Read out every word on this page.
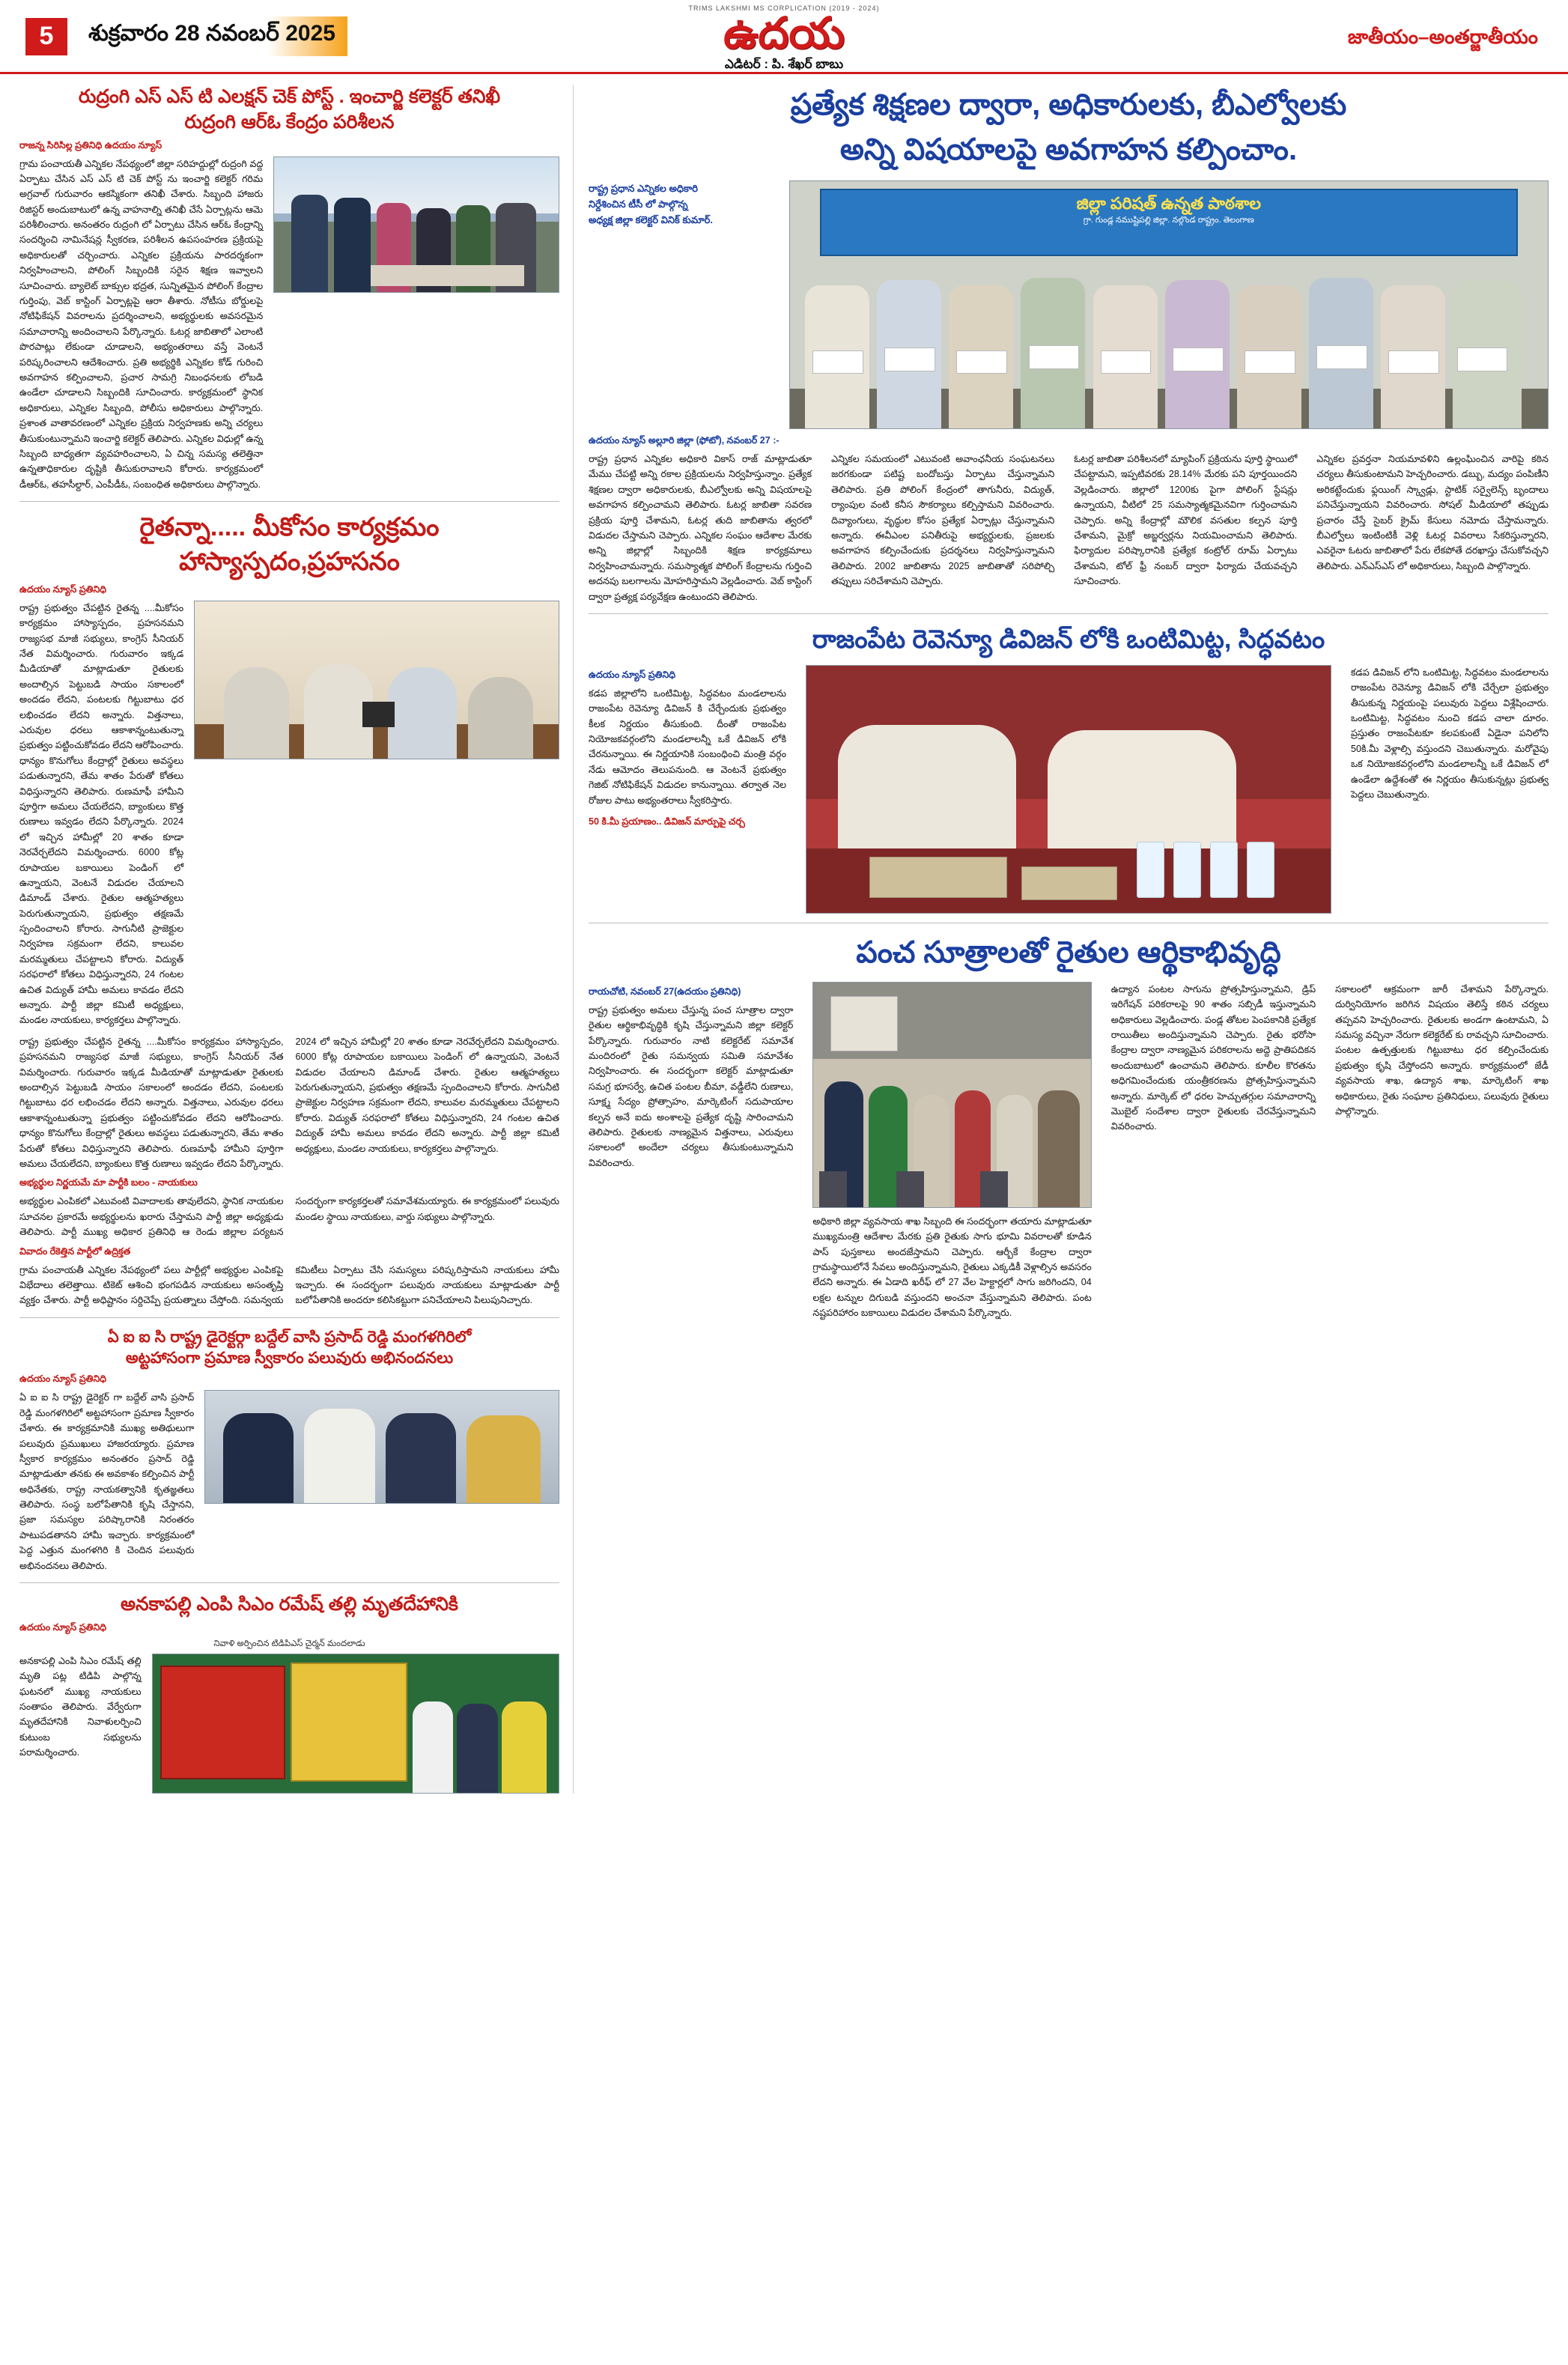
5	శుక్రవారం 28 నవంబర్ 2025
TRIMS LAKSHMI MS CORPLICATION (2019 - 2024)
ఉదయ
ఎడిటర్ : పి. శేఖర్ బాబు
జాతీయం–అంతర్జాతీయం
రుద్రంగి ఎస్ ఎస్ టి ఎలక్షన్ చెక్ పోస్ట్ . ఇంచార్జి కలెక్టర్ తనిఖీ
రుద్రంగి ఆర్ఓ కేంద్రం పరిశీలన
రాజన్న సిరిసిల్ల ప్రతినిధి ఉదయం న్యూస్
గ్రామ పంచాయతీ ఎన్నికల నేపథ్యంలో జిల్లా సరిహద్దుల్లో రుద్రంగి వద్ద ఏర్పాటు చేసిన ఎస్ ఎస్ టి చెక్ పోస్ట్ ను ఇంచార్జి కలెక్టర్ గరిమ అగ్రవాల్ గురువారం ఆకస్మికంగా తనిఖీ చేశారు. సిబ్బంది హాజరు రిజిస్టర్ అందుబాటులో ఉన్న వాహనాల్ని తనిఖీ చేసే ఏర్పాట్లను ఆమె పరిశీలించారు. అనంతరం రుద్రంగి లో ఏర్పాటు చేసిన ఆర్ఓ కేంద్రాన్ని సందర్శించి నామినేషన్ల స్వీకరణ, పరిశీలన ఉపసంహరణ ప్రక్రియపై అధికారులతో చర్చించారు. ఎన్నికల ప్రక్రియను పారదర్శకంగా నిర్వహించాలని, పోలింగ్ సిబ్బందికి సరైన శిక్షణ ఇవ్వాలని సూచించారు. బ్యాలెట్ బాక్సుల భద్రత, సున్నితమైన పోలింగ్ కేంద్రాల గుర్తింపు, వెబ్ కాస్టింగ్ ఏర్పాట్లపై ఆరా తీశారు. నోటీసు బోర్డులపై నోటిఫికేషన్ వివరాలను ప్రదర్శించాలని, అభ్యర్థులకు అవసరమైన సమాచారాన్ని అందించాలని పేర్కొన్నారు. ఓటర్ల జాబితాలో ఎలాంటి పొరపాట్లు లేకుండా చూడాలని, అభ్యంతరాలు వస్తే వెంటనే పరిష్కరించాలని ఆదేశించారు. ప్రతి అభ్యర్థికి ఎన్నికల కోడ్ గురించి అవగాహన కల్పించాలని, ప్రచార సామగ్రి నిబంధనలకు లోబడి ఉండేలా చూడాలని సిబ్బందికి సూచించారు. కార్యక్రమంలో స్థానిక అధికారులు, ఎన్నికల సిబ్బంది, పోలీసు అధికారులు పాల్గొన్నారు. ప్రశాంత వాతావరణంలో ఎన్నికల ప్రక్రియ నిర్వహణకు అన్ని చర్యలు తీసుకుంటున్నామని ఇంచార్జి కలెక్టర్ తెలిపారు. ఎన్నికల విధుల్లో ఉన్న సిబ్బంది బాధ్యతగా వ్యవహరించాలని, ఏ చిన్న సమస్య తలెత్తినా ఉన్నతాధికారుల దృష్టికి తీసుకురావాలని కోరారు. కార్యక్రమంలో డీఆర్ఓ, తహసీల్దార్, ఎంపీడీఓ, సంబంధిత అధికారులు పాల్గొన్నారు.
రైతన్నా..... మీకోసం కార్యక్రమం
హాస్యాస్పదం,ప్రహసనం
ఉదయం న్యూస్ ప్రతినిధి
రాష్ట్ర ప్రభుత్వం చేపట్టిన రైతన్న ....మీకోసం కార్యక్రమం హాస్యాస్పదం, ప్రహసనమని రాజ్యసభ మాజీ సభ్యులు, కాంగ్రెస్ సీనియర్ నేత విమర్శించారు. గురువారం ఇక్కడ మీడియాతో మాట్లాడుతూ రైతులకు అందాల్సిన పెట్టుబడి సాయం సకాలంలో అందడం లేదని, పంటలకు గిట్టుబాటు ధర లభించడం లేదని అన్నారు. విత్తనాలు, ఎరువుల ధరలు ఆకాశాన్నంటుతున్నా ప్రభుత్వం పట్టించుకోవడం లేదని ఆరోపించారు. ధాన్యం కొనుగోలు కేంద్రాల్లో రైతులు అవస్థలు పడుతున్నారని, తేమ శాతం పేరుతో కోతలు విధిస్తున్నారని తెలిపారు. రుణమాఫీ హామీని పూర్తిగా అమలు చేయలేదని, బ్యాంకులు కొత్త రుణాలు ఇవ్వడం లేదని పేర్కొన్నారు. 2024 లో ఇచ్చిన హామీల్లో 20 శాతం కూడా నెరవేర్చలేదని విమర్శించారు. 6000 కోట్ల రూపాయల బకాయిలు పెండింగ్ లో ఉన్నాయని, వెంటనే విడుదల చేయాలని డిమాండ్ చేశారు. రైతుల ఆత్మహత్యలు పెరుగుతున్నాయని, ప్రభుత్వం తక్షణమే స్పందించాలని కోరారు. సాగునీటి ప్రాజెక్టుల నిర్వహణ సక్రమంగా లేదని, కాలువల మరమ్మతులు చేపట్టాలని కోరారు. విద్యుత్ సరఫరాలో కోతలు విధిస్తున్నారని, 24 గంటల ఉచిత విద్యుత్ హామీ అమలు కావడం లేదని అన్నారు. పార్టీ జిల్లా కమిటీ అధ్యక్షులు, మండల నాయకులు, కార్యకర్తలు పాల్గొన్నారు.
రాష్ట్ర ప్రభుత్వం చేపట్టిన రైతన్న ....మీకోసం కార్యక్రమం హాస్యాస్పదం, ప్రహసనమని రాజ్యసభ మాజీ సభ్యులు, కాంగ్రెస్ సీనియర్ నేత విమర్శించారు. గురువారం ఇక్కడ మీడియాతో మాట్లాడుతూ రైతులకు అందాల్సిన పెట్టుబడి సాయం సకాలంలో అందడం లేదని, పంటలకు గిట్టుబాటు ధర లభించడం లేదని అన్నారు. విత్తనాలు, ఎరువుల ధరలు ఆకాశాన్నంటుతున్నా ప్రభుత్వం పట్టించుకోవడం లేదని ఆరోపించారు. ధాన్యం కొనుగోలు కేంద్రాల్లో రైతులు అవస్థలు పడుతున్నారని, తేమ శాతం పేరుతో కోతలు విధిస్తున్నారని తెలిపారు. రుణమాఫీ హామీని పూర్తిగా అమలు చేయలేదని, బ్యాంకులు కొత్త రుణాలు ఇవ్వడం లేదని పేర్కొన్నారు. 2024 లో ఇచ్చిన హామీల్లో 20 శాతం కూడా నెరవేర్చలేదని విమర్శించారు. 6000 కోట్ల రూపాయల బకాయిలు పెండింగ్ లో ఉన్నాయని, వెంటనే విడుదల చేయాలని డిమాండ్ చేశారు. రైతుల ఆత్మహత్యలు పెరుగుతున్నాయని, ప్రభుత్వం తక్షణమే స్పందించాలని కోరారు. సాగునీటి ప్రాజెక్టుల నిర్వహణ సక్రమంగా లేదని, కాలువల మరమ్మతులు చేపట్టాలని కోరారు. విద్యుత్ సరఫరాలో కోతలు విధిస్తున్నారని, 24 గంటల ఉచిత విద్యుత్ హామీ అమలు కావడం లేదని అన్నారు. పార్టీ జిల్లా కమిటీ అధ్యక్షులు, మండల నాయకులు, కార్యకర్తలు పాల్గొన్నారు.
అభ్యర్థుల నిర్ణయమే మా పార్టీకి బలం - నాయకులు
అభ్యర్థుల ఎంపికలో ఎటువంటి వివాదాలకు తావులేదని, స్థానిక నాయకుల సూచనల ప్రకారమే అభ్యర్థులను ఖరారు చేస్తామని పార్టీ జిల్లా అధ్యక్షుడు తెలిపారు. పార్టీ ముఖ్య అధికార ప్రతినిధి ఆ రెండు జిల్లాల పర్యటన సందర్భంగా కార్యకర్తలతో సమావేశమయ్యారు. ఈ కార్యక్రమంలో పలువురు మండల స్థాయి నాయకులు, వార్డు సభ్యులు పాల్గొన్నారు.
వివాదం రేకెత్తిన పార్టీలో ఉద్రిక్తత
గ్రామ పంచాయతీ ఎన్నికల నేపథ్యంలో పలు పార్టీల్లో అభ్యర్థుల ఎంపికపై విభేదాలు తలెత్తాయి. టికెట్ ఆశించి భంగపడిన నాయకులు అసంతృప్తి వ్యక్తం చేశారు. పార్టీ అధిష్టానం సర్దిచెప్పే ప్రయత్నాలు చేస్తోంది. సమన్వయ కమిటీలు ఏర్పాటు చేసి సమస్యలు పరిష్కరిస్తామని నాయకులు హామీ ఇచ్చారు. ఈ సందర్భంగా పలువురు నాయకులు మాట్లాడుతూ పార్టీ బలోపేతానికి అందరూ కలిసికట్టుగా పనిచేయాలని పిలుపునిచ్చారు.
ఏ ఐ ఐ సి రాష్ట్ర డైరెక్టర్గా బద్దేల్ వాసి ప్రసాద్ రెడ్డి మంగళగిరిలో
అట్టహాసంగా ప్రమాణ స్వీకారం పలువురు అభినందనలు
ఉదయం న్యూస్ ప్రతినిధి
ఏ ఐ ఐ సి రాష్ట్ర డైరెక్టర్ గా బద్దేల్ వాసి ప్రసాద్ రెడ్డి మంగళగిరిలో అట్టహాసంగా ప్రమాణ స్వీకారం చేశారు. ఈ కార్యక్రమానికి ముఖ్య అతిథులుగా పలువురు ప్రముఖులు హాజరయ్యారు. ప్రమాణ స్వీకార కార్యక్రమం అనంతరం ప్రసాద్ రెడ్డి మాట్లాడుతూ తనకు ఈ అవకాశం కల్పించిన పార్టీ అధినేతకు, రాష్ట్ర నాయకత్వానికి కృతజ్ఞతలు తెలిపారు. సంస్థ బలోపేతానికి కృషి చేస్తానని, ప్రజా సమస్యల పరిష్కారానికి నిరంతరం పాటుపడతానని హామీ ఇచ్చారు. కార్యక్రమంలో పెద్ద ఎత్తున మంగళగిరి కి చెందిన పలువురు అభినందనలు తెలిపారు.
అనకాపల్లి ఎంపి సిఎం రమేష్ తల్లి మృతదేహానికి
ఉదయం న్యూస్ ప్రతినిధి
నివాళి అర్పించిన టిడిపిఎస్ చైర్మన్ మందలాడు
అనకాపల్లి ఎంపి సిఎం రమేష్ తల్లి మృతి పట్ల టిడిపి పాల్గొన్న ఘటనలో ముఖ్య నాయకులు సంతాపం తెలిపారు. వేర్వేరుగా మృతదేహానికి నివాళులర్పించి కుటుంబ సభ్యులను పరామర్శించారు.
ప్రత్యేక శిక్షణల ద్వారా, అధికారులకు, బీఎల్వోలకు
అన్ని విషయాలపై అవగాహన కల్పించాం.
రాష్ట్ర ప్రధాన ఎన్నికల అధికారి
నిర్దేశించిన టీసీ లో పాల్గొన్న
అధ్యక్ష జిల్లా కలెక్టర్ వినిక్ కుమార్.
జిల్లా పరిషత్ ఉన్నత పాఠశాల
గ్రా. గుండ్ల నముష్టిపల్లి జిల్లా. నల్గొండ రాష్ట్రం. తెలంగాణ
ఉదయం న్యూస్ అల్లూరి జిల్లా (ఫోటో), నవంబర్ 27 :-
రాష్ట్ర ప్రధాన ఎన్నికల అధికారి వికాస్ రాజ్ మాట్లాడుతూ మేము చేపట్టి అన్ని రకాల ప్రక్రియలను నిర్వహిస్తున్నాం. ప్రత్యేక శిక్షణల ద్వారా అధికారులకు, బీఎల్వోలకు అన్ని విషయాలపై అవగాహన కల్పించామని తెలిపారు. ఓటర్ల జాబితా సవరణ ప్రక్రియ పూర్తి చేశామని, ఓటర్ల తుది జాబితాను త్వరలో విడుదల చేస్తామని చెప్పారు. ఎన్నికల సంఘం ఆదేశాల మేరకు అన్ని జిల్లాల్లో సిబ్బందికి శిక్షణ కార్యక్రమాలు నిర్వహించామన్నారు. సమస్యాత్మక పోలింగ్ కేంద్రాలను గుర్తించి అదనపు బలగాలను మోహరిస్తామని వెల్లడించారు. వెబ్ కాస్టింగ్ ద్వారా ప్రత్యక్ష పర్యవేక్షణ ఉంటుందని తెలిపారు.
ఎన్నికల సమయంలో ఎటువంటి అవాంఛనీయ సంఘటనలు జరగకుండా పటిష్ట బందోబస్తు ఏర్పాటు చేస్తున్నామని తెలిపారు. ప్రతి పోలింగ్ కేంద్రంలో తాగునీరు, విద్యుత్, ర్యాంపుల వంటి కనీస సౌకర్యాలు కల్పిస్తామని వివరించారు. దివ్యాంగులు, వృద్ధుల కోసం ప్రత్యేక ఏర్పాట్లు చేస్తున్నామని అన్నారు. ఈవీఎంల పనితీరుపై అభ్యర్థులకు, ప్రజలకు అవగాహన కల్పించేందుకు ప్రదర్శనలు నిర్వహిస్తున్నామని తెలిపారు. 2002 జాబితాను 2025 జాబితాతో సరిపోల్చి తప్పులు సరిచేశామని చెప్పారు.
ఓటర్ల జాబితా పరిశీలనలో మ్యాపింగ్ ప్రక్రియను పూర్తి స్థాయిలో చేపట్టామని, ఇప్పటివరకు 28.14% మేరకు పని పూర్తయిందని వెల్లడించారు. జిల్లాలో 1200కు పైగా పోలింగ్ స్టేషన్లు ఉన్నాయని, వీటిలో 25 సమస్యాత్మకమైనవిగా గుర్తించామని చెప్పారు. అన్ని కేంద్రాల్లో మౌలిక వసతుల కల్పన పూర్తి చేశామని, మైక్రో అబ్జర్వర్లను నియమించామని తెలిపారు. ఫిర్యాదుల పరిష్కారానికి ప్రత్యేక కంట్రోల్ రూమ్ ఏర్పాటు చేశామని, టోల్ ఫ్రీ నంబర్ ద్వారా ఫిర్యాదు చేయవచ్చని సూచించారు.
ఎన్నికల ప్రవర్తనా నియమావళిని ఉల్లంఘించిన వారిపై కఠిన చర్యలు తీసుకుంటామని హెచ్చరించారు. డబ్బు, మద్యం పంపిణీని అరికట్టేందుకు ఫ్లయింగ్ స్క్వాడ్లు, స్టాటిక్ సర్వైలెన్స్ బృందాలు పనిచేస్తున్నాయని వివరించారు. సోషల్ మీడియాలో తప్పుడు ప్రచారం చేస్తే సైబర్ క్రైమ్ కేసులు నమోదు చేస్తామన్నారు. బీఎల్వోలు ఇంటింటికీ వెళ్లి ఓటర్ల వివరాలు సేకరిస్తున్నారని, ఎవరైనా ఓటరు జాబితాలో పేరు లేకపోతే దరఖాస్తు చేసుకోవచ్చని తెలిపారు. ఎన్ఎస్ఎస్ లో అధికారులు, సిబ్బంది పాల్గొన్నారు.
రాజంపేట రెవెన్యూ డివిజన్ లోకి ఒంటిమిట్ట, సిద్ధవటం
ఉదయం న్యూస్ ప్రతినిధి
కడప జిల్లాలోని ఒంటిమిట్ట, సిద్ధవటం మండలాలను రాజంపేట రెవెన్యూ డివిజన్ కి చేర్చేందుకు ప్రభుత్వం కీలక నిర్ణయం తీసుకుంది. దీంతో రాజంపేట నియోజకవర్గంలోని మండలాలన్నీ ఒకే డివిజన్ లోకి చేరనున్నాయి. ఈ నిర్ణయానికి సంబంధించి మంత్రి వర్గం నేడు ఆమోదం తెలుపనుంది. ఆ వెంటనే ప్రభుత్వం గెజిట్ నోటిఫికేషన్ విడుదల కానున్నాయి. తర్వాత నెల రోజుల పాటు అభ్యంతరాలు స్వీకరిస్తారు.
50 కి.మీ ప్రయాణం.. డివిజన్ మార్పుపై చర్చ
కడప డివిజన్ లోని ఒంటిమిట్ట, సిద్ధవటం మండలాలను రాజంపేట రెవెన్యూ డివిజన్ లోకి చేర్చేలా ప్రభుత్వం తీసుకున్న నిర్ణయంపై పలువురు పెద్దలు విశ్లేషించారు. ఒంటిమిట్ట, సిద్ధవటం నుంచి కడప చాలా దూరం. ప్రస్తుతం రాజంపేటకూ కలపకుంటే ఏడైనా పనిలోని 50కి.మీ వెళ్లాల్సి వస్తుందని చెబుతున్నారు. మరోవైపు ఒక నియోజకవర్గంలోని మండలాలన్నీ ఒకే డివిజన్ లో ఉండేలా ఉద్దేశంతో ఈ నిర్ణయం తీసుకున్నట్లు ప్రభుత్వ పెద్దలు చెబుతున్నారు.
పంచ సూత్రాలతో రైతుల ఆర్థికాభివృద్ధి
రాయచోటి, నవంబర్ 27(ఉదయం ప్రతినిధి)
రాష్ట్ర ప్రభుత్వం అమలు చేస్తున్న పంచ సూత్రాల ద్వారా రైతుల ఆర్థికాభివృద్ధికి కృషి చేస్తున్నామని జిల్లా కలెక్టర్ పేర్కొన్నారు. గురువారం నాటి కలెక్టరేట్ సమావేశ మందిరంలో రైతు సమన్వయ సమితి సమావేశం నిర్వహించారు. ఈ సందర్భంగా కలెక్టర్ మాట్లాడుతూ సమగ్ర భూసర్వే, ఉచిత పంటల బీమా, వడ్డీలేని రుణాలు, సూక్ష్మ సేద్యం ప్రోత్సాహం, మార్కెటింగ్ సదుపాయాల కల్పన అనే ఐదు అంశాలపై ప్రత్యేక దృష్టి సారించామని తెలిపారు. రైతులకు నాణ్యమైన విత్తనాలు, ఎరువులు సకాలంలో అందేలా చర్యలు తీసుకుంటున్నామని వివరించారు.
అధికారి జిల్లా వ్యవసాయ శాఖ సిబ్బంది ఈ సందర్భంగా తయారు మాట్లాడుతూ ముఖ్యమంత్రి ఆదేశాల మేరకు ప్రతి రైతుకు సాగు భూమి వివరాలతో కూడిన పాస్ పుస్తకాలు అందజేస్తామని చెప్పారు. ఆర్బీకే కేంద్రాల ద్వారా గ్రామస్థాయిలోనే సేవలు అందిస్తున్నామని, రైతులు ఎక్కడికీ వెళ్లాల్సిన అవసరం లేదని అన్నారు. ఈ ఏడాది ఖరీఫ్ లో 27 వేల హెక్టార్లలో సాగు జరిగిందని, 04 లక్షల టన్నుల దిగుబడి వస్తుందని అంచనా వేస్తున్నామని తెలిపారు. పంట నష్టపరిహారం బకాయిలు విడుదల చేశామని పేర్కొన్నారు.
ఉద్యాన పంటల సాగును ప్రోత్సహిస్తున్నామని, డ్రిప్ ఇరిగేషన్ పరికరాలపై 90 శాతం సబ్సిడీ ఇస్తున్నామని అధికారులు వెల్లడించారు. పండ్ల తోటల పెంపకానికి ప్రత్యేక రాయితీలు అందిస్తున్నామని చెప్పారు. రైతు భరోసా కేంద్రాల ద్వారా నాణ్యమైన పరికరాలను అద్దె ప్రాతిపదికన అందుబాటులో ఉంచామని తెలిపారు. కూలీల కొరతను అధిగమించేందుకు యంత్రీకరణను ప్రోత్సహిస్తున్నామని అన్నారు. మార్కెట్ లో ధరల హెచ్చుతగ్గుల సమాచారాన్ని మొబైల్ సందేశాల ద్వారా రైతులకు చేరవేస్తున్నామని వివరించారు.
సకాలంలో ఆక్రమంగా జారీ చేశామని పేర్కొన్నారు. దుర్వినియోగం జరిగిన విషయం తెలిస్తే కఠిన చర్యలు తప్పవని హెచ్చరించారు. రైతులకు అండగా ఉంటామని, ఏ సమస్య వచ్చినా నేరుగా కలెక్టరేట్ కు రావచ్చని సూచించారు. పంటల ఉత్పత్తులకు గిట్టుబాటు ధర కల్పించేందుకు ప్రభుత్వం కృషి చేస్తోందని అన్నారు. కార్యక్రమంలో జేడీ వ్యవసాయ శాఖ, ఉద్యాన శాఖ, మార్కెటింగ్ శాఖ అధికారులు, రైతు సంఘాల ప్రతినిధులు, పలువురు రైతులు పాల్గొన్నారు.
